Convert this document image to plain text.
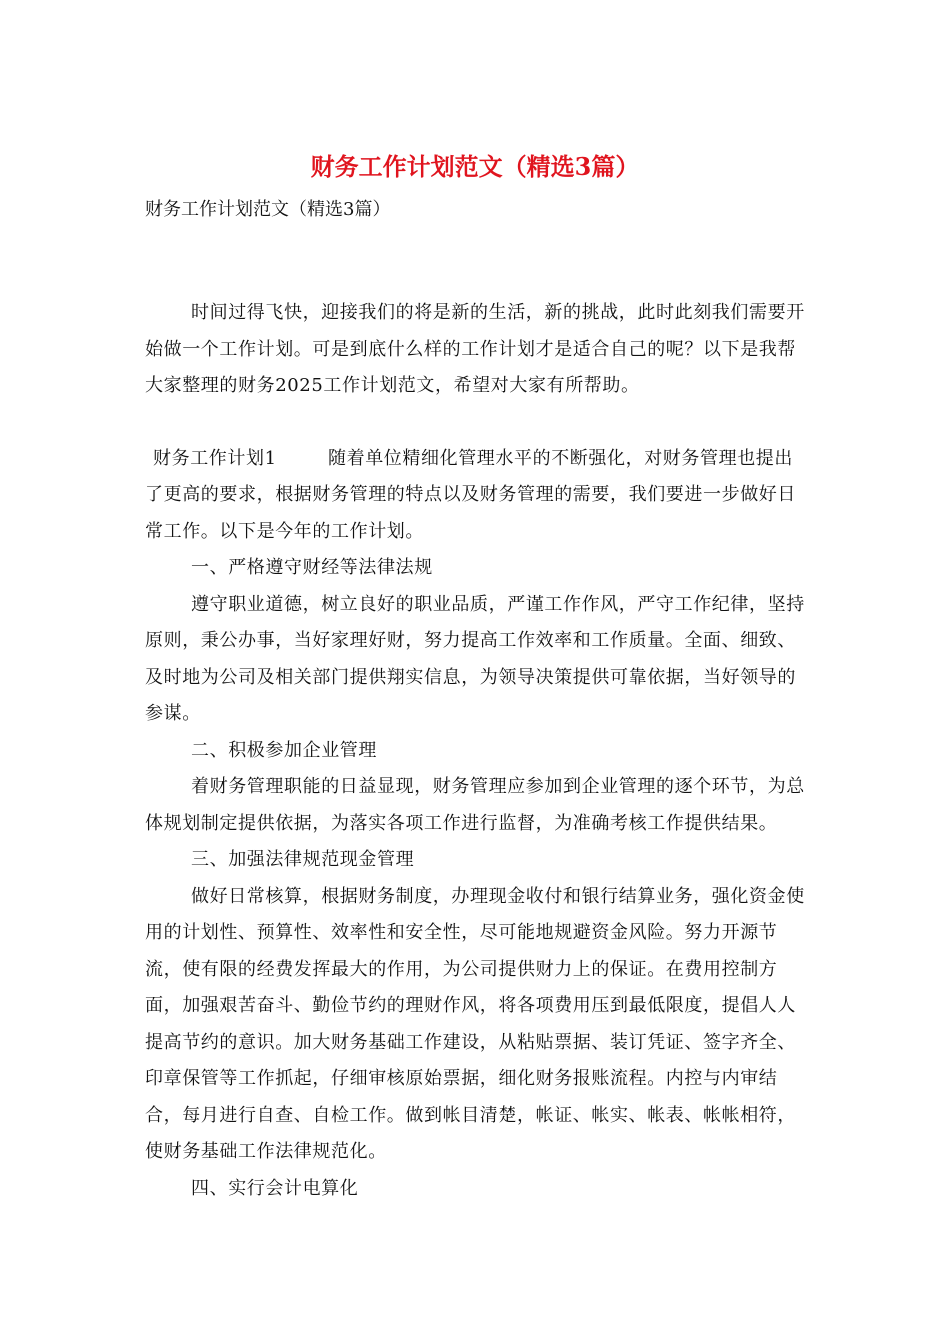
财务工作计划范文（精选3篇）
财务工作计划范文（精选3篇）

时间过得飞快，迎接我们的将是新的生活，新的挑战，此时此刻我们需要开始做一个工作计划。可是到底什么样的工作计划才是适合自己的呢？以下是我帮大家整理的财务2025工作计划范文，希望对大家有所帮助。

财务工作计划1	随着单位精细化管理水平的不断强化，对财务管理也提出了更高的要求，根据财务管理的特点以及财务管理的需要，我们要进一步做好日常工作。以下是今年的工作计划。

一、严格遵守财经等法律法规

遵守职业道德，树立良好的职业品质，严谨工作作风，严守工作纪律，坚持原则，秉公办事，当好家理好财，努力提高工作效率和工作质量。全面、细致、及时地为公司及相关部门提供翔实信息，为领导决策提供可靠依据，当好领导的参谋。

二、积极参加企业管理

着财务管理职能的日益显现，财务管理应参加到企业管理的逐个环节，为总体规划制定提供依据，为落实各项工作进行监督，为准确考核工作提供结果。

三、加强法律规范现金管理

做好日常核算，根据财务制度，办理现金收付和银行结算业务，强化资金使用的计划性、预算性、效率性和安全性，尽可能地规避资金风险。努力开源节流，使有限的经费发挥最大的作用，为公司提供财力上的保证。在费用控制方面，加强艰苦奋斗、勤俭节约的理财作风，将各项费用压到最低限度，提倡人人提高节约的意识。加大财务基础工作建设，从粘贴票据、装订凭证、签字齐全、印章保管等工作抓起，仔细审核原始票据，细化财务报账流程。内控与内审结合，每月进行自查、自检工作。做到帐目清楚，帐证、帐实、帐表、帐帐相符，使财务基础工作法律规范化。

四、实行会计电算化
